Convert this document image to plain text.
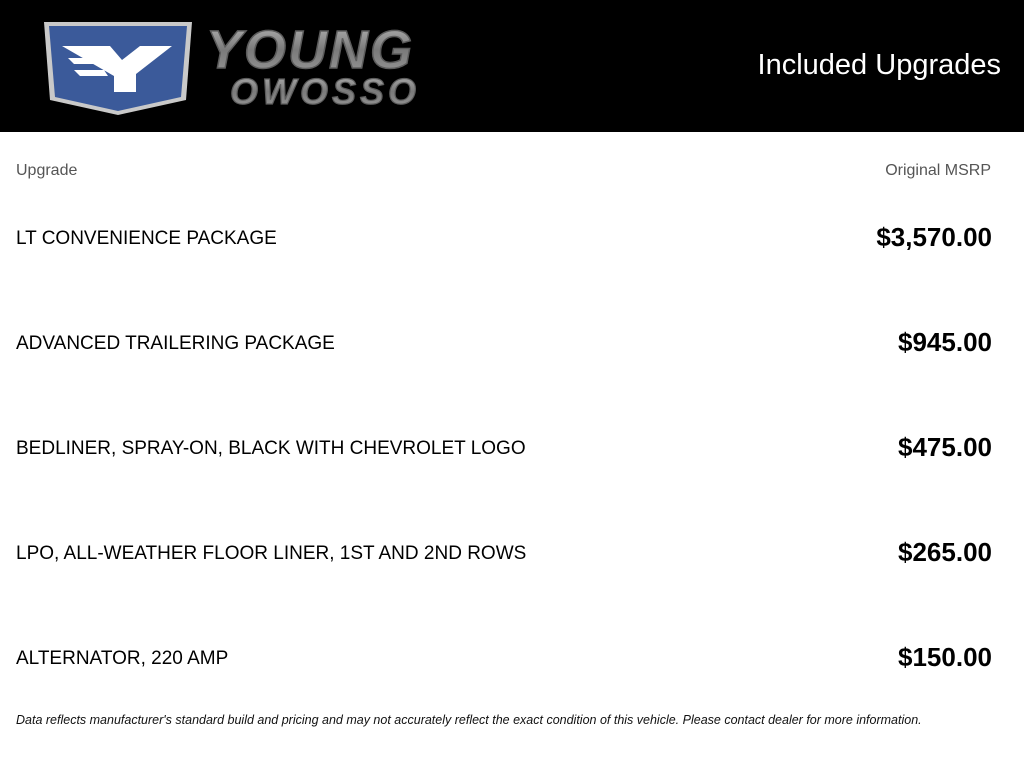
YOUNG
OWOSSO
Included Upgrades
Upgrade	Original MSRP
LT CONVENIENCE PACKAGE	$3,570.00
ADVANCED TRAILERING PACKAGE	$945.00
BEDLINER, SPRAY-ON, BLACK WITH CHEVROLET LOGO	$475.00
LPO, ALL-WEATHER FLOOR LINER, 1ST AND 2ND ROWS	$265.00
ALTERNATOR, 220 AMP	$150.00
Data reflects manufacturer's standard build and pricing and may not accurately reflect the exact condition of this vehicle. Please contact dealer for more information.
